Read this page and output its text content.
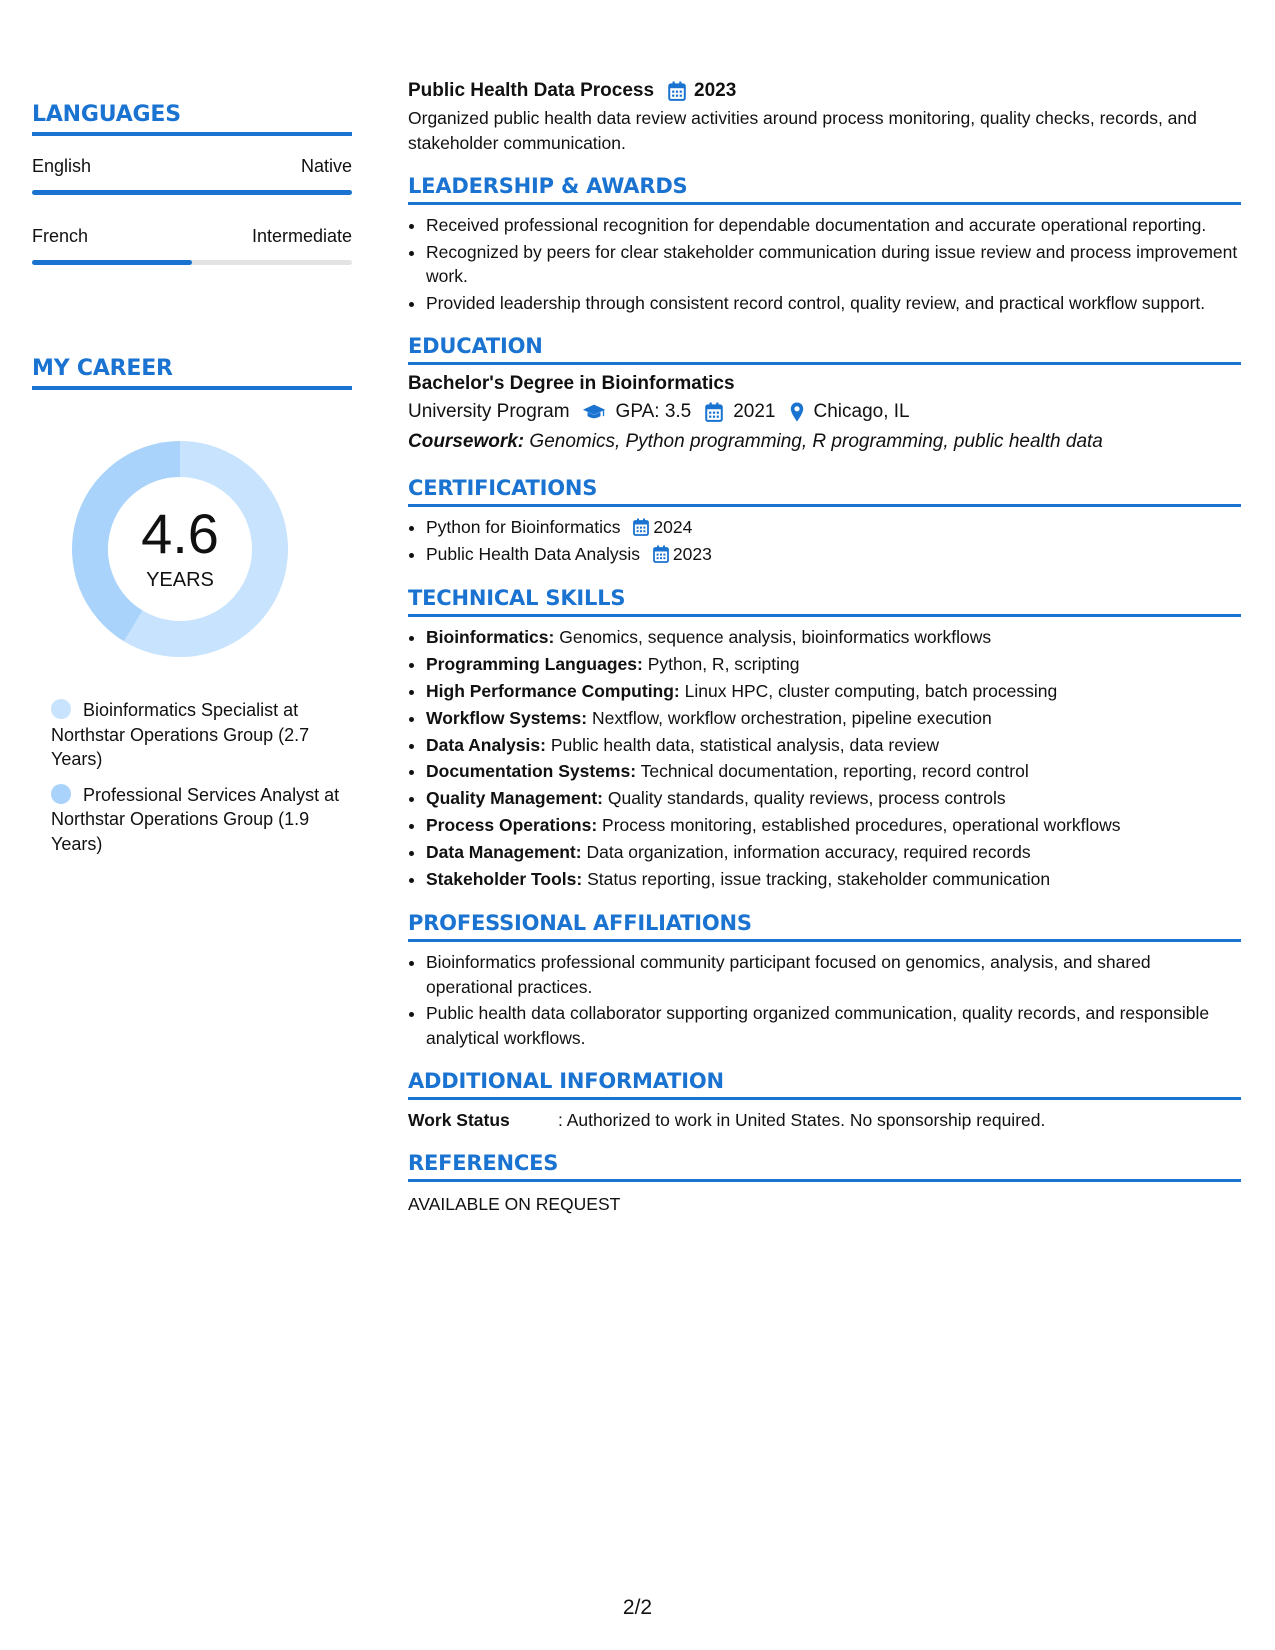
LANGUAGES
English	Native
French	Intermediate
MY CAREER
4.6
YEARS
Bioinformatics Specialist at Northstar Operations Group (2.7 Years)
Professional Services Analyst at Northstar Operations Group (1.9 Years)
Public Health Data Process 2023
Organized public health data review activities around process monitoring, quality checks, records, and stakeholder communication.
LEADERSHIP & AWARDS
• Received professional recognition for dependable documentation and accurate operational reporting.
• Recognized by peers for clear stakeholder communication during issue review and process improvement work.
• Provided leadership through consistent record control, quality review, and practical workflow support.
EDUCATION
Bachelor's Degree in Bioinformatics
University Program GPA: 3.5 2021 Chicago, IL
Coursework: Genomics, Python programming, R programming, public health data
CERTIFICATIONS
• Python for Bioinformatics 2024
• Public Health Data Analysis 2023
TECHNICAL SKILLS
• Bioinformatics: Genomics, sequence analysis, bioinformatics workflows
• Programming Languages: Python, R, scripting
• High Performance Computing: Linux HPC, cluster computing, batch processing
• Workflow Systems: Nextflow, workflow orchestration, pipeline execution
• Data Analysis: Public health data, statistical analysis, data review
• Documentation Systems: Technical documentation, reporting, record control
• Quality Management: Quality standards, quality reviews, process controls
• Process Operations: Process monitoring, established procedures, operational workflows
• Data Management: Data organization, information accuracy, required records
• Stakeholder Tools: Status reporting, issue tracking, stakeholder communication
PROFESSIONAL AFFILIATIONS
• Bioinformatics professional community participant focused on genomics, analysis, and shared operational practices.
• Public health data collaborator supporting organized communication, quality records, and responsible analytical workflows.
ADDITIONAL INFORMATION
Work Status	: Authorized to work in United States. No sponsorship required.
REFERENCES
AVAILABLE ON REQUEST
2/2
